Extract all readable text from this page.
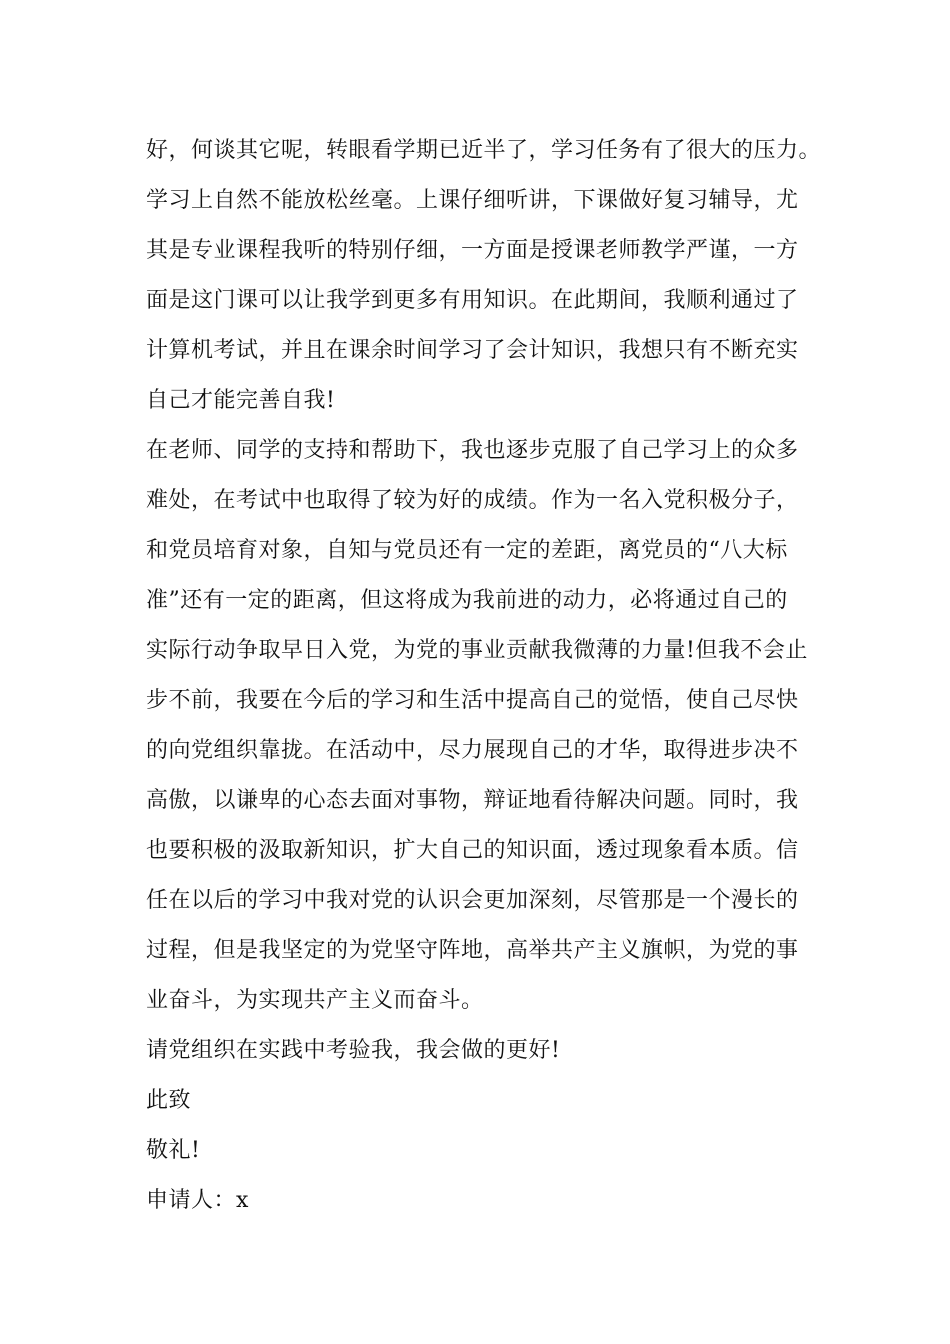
好，何谈其它呢，转眼看学期已近半了，学习任务有了很大的压力。
学习上自然不能放松丝毫。上课仔细听讲，下课做好复习辅导，尤
其是专业课程我听的特别仔细，一方面是授课老师教学严谨，一方
面是这门课可以让我学到更多有用知识。在此期间，我顺利通过了
计算机考试，并且在课余时间学习了会计知识，我想只有不断充实
自己才能完善自我!
在老师、同学的支持和帮助下，我也逐步克服了自己学习上的众多
难处，在考试中也取得了较为好的成绩。作为一名入党积极分子，
和党员培育对象，自知与党员还有一定的差距，离党员的“八大标
准”还有一定的距离，但这将成为我前进的动力，必将通过自己的
实际行动争取早日入党，为党的事业贡献我微薄的力量!但我不会止
步不前，我要在今后的学习和生活中提高自己的觉悟，使自己尽快
的向党组织靠拢。在活动中，尽力展现自己的才华，取得进步决不
高傲，以谦卑的心态去面对事物，辩证地看待解决问题。同时，我
也要积极的汲取新知识，扩大自己的知识面，透过现象看本质。信
任在以后的学习中我对党的认识会更加深刻，尽管那是一个漫长的
过程，但是我坚定的为党坚守阵地，高举共产主义旗帜，为党的事
业奋斗，为实现共产主义而奋斗。
请党组织在实践中考验我，我会做的更好!
此致
敬礼!
申请人：x
